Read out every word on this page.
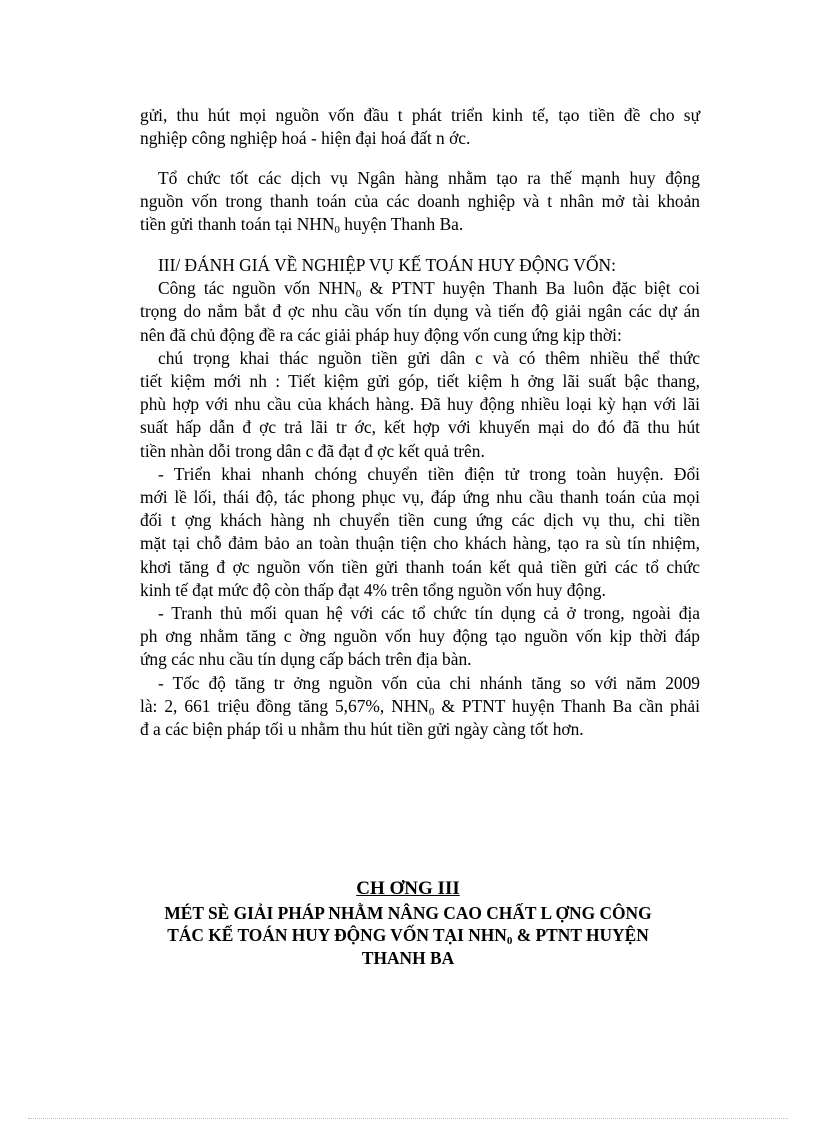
gửi, thu hút mọi nguồn vốn đầu t phát triển kinh tế, tạo tiền đề cho sự
nghiệp công nghiệp hoá - hiện đại hoá đất n ớc.
Tổ chức tốt các dịch vụ Ngân hàng nhằm tạo ra thế mạnh huy động
nguồn vốn trong thanh toán của các doanh nghiệp và t nhân mở tài khoản
tiền gửi thanh toán tại $NHN_0$ huyện Thanh Ba.
III/ ĐÁNH GIÁ VỀ NGHIỆP VỤ KẾ TOÁN HUY ĐỘNG VỐN:
Công tác nguồn vốn $NHN_0$ & PTNT huyện Thanh Ba luôn đặc biệt coi
trọng do nắm bắt đ ợc nhu cầu vốn tín dụng và tiến độ giải ngân các dự án
nên đã chủ động đề ra các giải pháp huy động vốn cung ứng kịp thời:
chú trọng khai thác nguồn tiền gửi dân c và có thêm nhiều thể thức
tiết kiệm mới nh : Tiết kiệm gửi góp, tiết kiệm h ởng lãi suất bậc thang,
phù hợp với nhu cầu của khách hàng. Đã huy động nhiều loại kỳ hạn với lãi
suất hấp dẫn đ ợc trả lãi tr ớc, kết hợp với khuyến mại do đó đã thu hút
tiền nhàn dỗi trong dân c đã đạt đ ợc kết quả trên.
- Triển khai nhanh chóng chuyển tiền điện tử trong toàn huyện. Đổi
mới lề lối, thái độ, tác phong phục vụ, đáp ứng nhu cầu thanh toán của mọi
đối t ợng khách hàng nh chuyển tiền cung ứng các dịch vụ thu, chi tiền
mặt tại chỗ đảm bảo an toàn thuận tiện cho khách hàng, tạo ra sù tín nhiệm,
khơi tăng đ ợc nguồn vốn tiền gửi thanh toán kết quả tiền gửi các tổ chức
kinh tế đạt mức độ còn thấp đạt 4% trên tổng nguồn vốn huy động.
- Tranh thủ mối quan hệ với các tổ chức tín dụng cả ở trong, ngoài địa
ph ơng nhằm tăng c ờng nguồn vốn huy động tạo nguồn vốn kịp thời đáp
ứng các nhu cầu tín dụng cấp bách trên địa bàn.
- Tốc độ tăng tr ởng nguồn vốn của chi nhánh tăng so với năm 2009
là: 2, 661 triệu đồng tăng 5,67%, $NHN_0$ & PTNT huyện Thanh Ba cần phải
đ a các biện pháp tối u nhằm thu hút tiền gửi ngày càng tốt hơn.
CH ƠNG III
MÉT SÈ GIẢI PHÁP NHẰM NÂNG CAO CHẤT L ỢNG CÔNG
TÁC KẾ TOÁN HUY ĐỘNG VỐN TẠI $NHN_0$ & PTNT HUYỆN
THANH BA
